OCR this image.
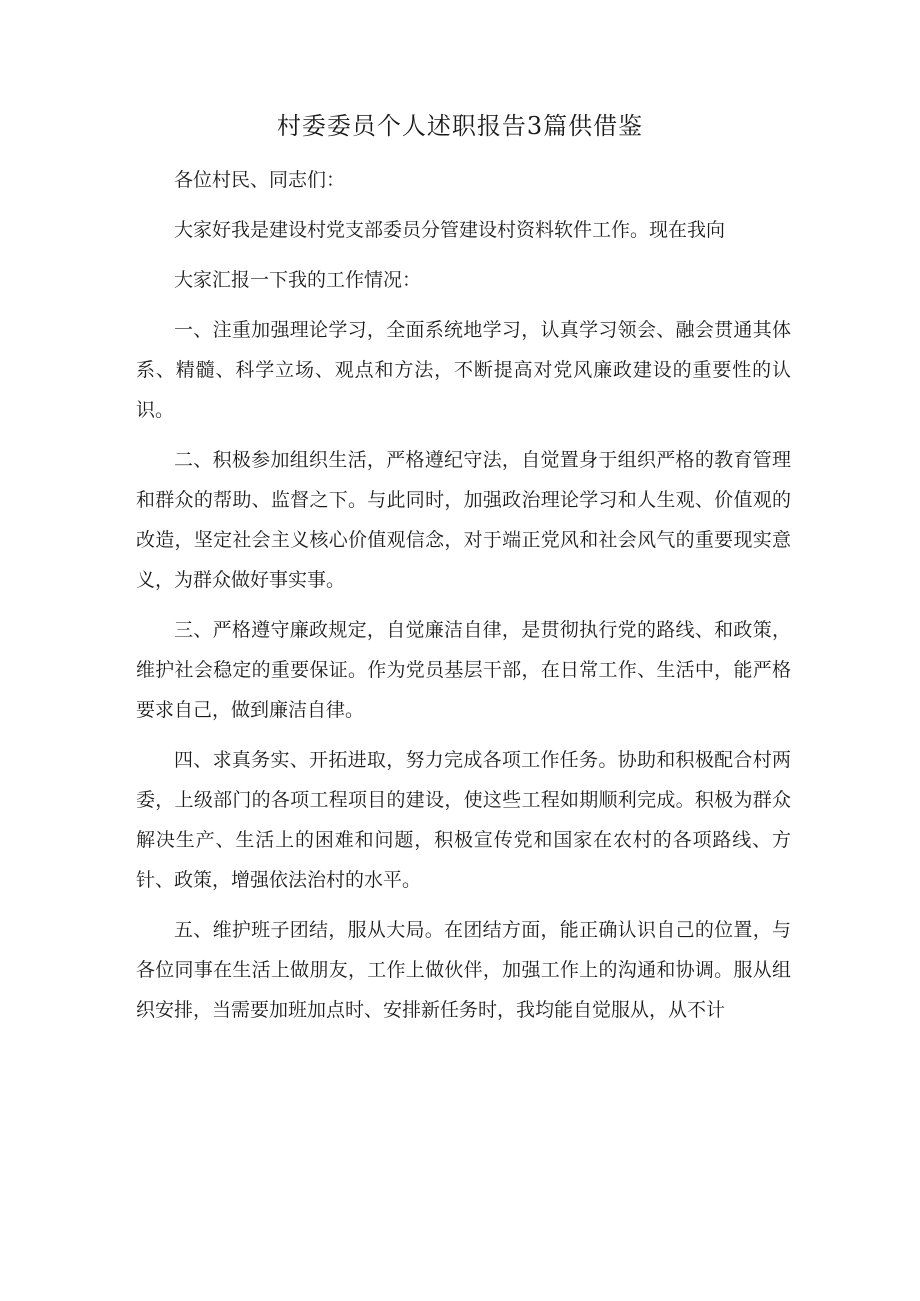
村委委员个人述职报告3篇供借鉴

各位村民、同志们：

大家好我是建设村党支部委员分管建设村资料软件工作。现在我向

大家汇报一下我的工作情况：

一、注重加强理论学习，全面系统地学习，认真学习领会、融会贯通其体系、精髓、科学立场、观点和方法，不断提高对党风廉政建设的重要性的认识。

二、积极参加组织生活，严格遵纪守法，自觉置身于组织严格的教育管理和群众的帮助、监督之下。与此同时，加强政治理论学习和人生观、价值观的改造，坚定社会主义核心价值观信念，对于端正党风和社会风气的重要现实意义，为群众做好事实事。

三、严格遵守廉政规定，自觉廉洁自律，是贯彻执行党的路线、和政策，维护社会稳定的重要保证。作为党员基层干部，在日常工作、生活中，能严格要求自己，做到廉洁自律。

四、求真务实、开拓进取，努力完成各项工作任务。协助和积极配合村两委，上级部门的各项工程项目的建设，使这些工程如期顺利完成。积极为群众解决生产、生活上的困难和问题，积极宣传党和国家在农村的各项路线、方针、政策，增强依法治村的水平。

五、维护班子团结，服从大局。在团结方面，能正确认识自己的位置，与各位同事在生活上做朋友，工作上做伙伴，加强工作上的沟通和协调。服从组织安排，当需要加班加点时、安排新任务时，我均能自觉服从，从不计
